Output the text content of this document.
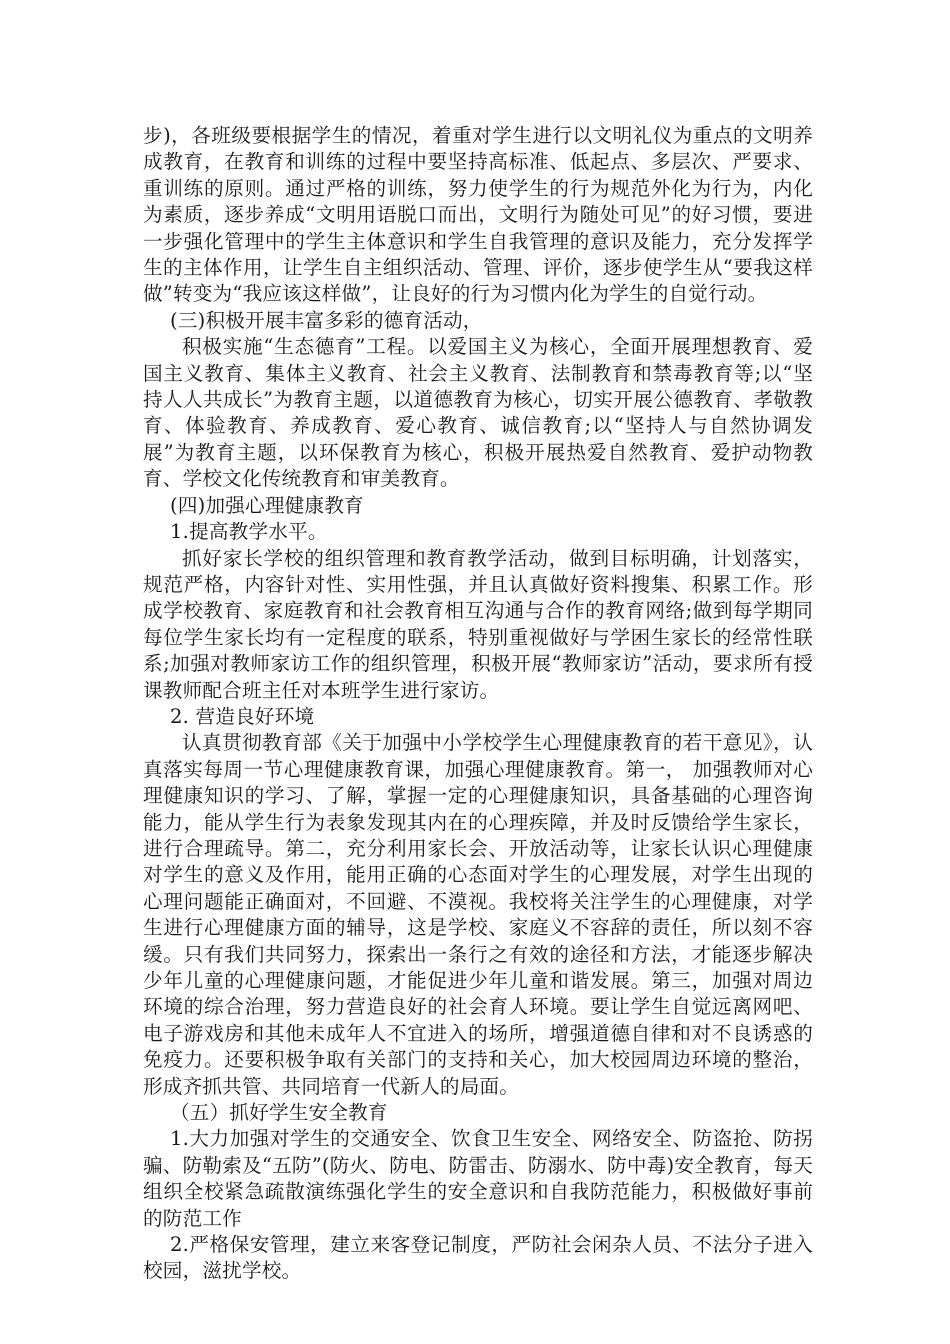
步)，各班级要根据学生的情况，着重对学生进行以文明礼仪为重点的文明养成教育，在教育和训练的过程中要坚持高标准、低起点、多层次、严要求、重训练的原则。通过严格的训练，努力使学生的行为规范外化为行为，内化为素质，逐步养成“文明用语脱口而出，文明行为随处可见”的好习惯，要进一步强化管理中的学生主体意识和学生自我管理的意识及能力，充分发挥学生的主体作用，让学生自主组织活动、管理、评价，逐步使学生从“要我这样做”转变为“我应该这样做”，让良好的行为习惯内化为学生的自觉行动。

(三)积极开展丰富多彩的德育活动，

积极实施“生态德育”工程。以爱国主义为核心，全面开展理想教育、爱国主义教育、集体主义教育、社会主义教育、法制教育和禁毒教育等;以“坚持人人共成长”为教育主题，以道德教育为核心，切实开展公德教育、孝敬教育、体验教育、养成教育、爱心教育、诚信教育;以“坚持人与自然协调发展”为教育主题，以环保教育为核心，积极开展热爱自然教育、爱护动物教育、学校文化传统教育和审美教育。

(四)加强心理健康教育

1.提高教学水平。

抓好家长学校的组织管理和教育教学活动，做到目标明确，计划落实，规范严格，内容针对性、实用性强，并且认真做好资料搜集、积累工作。形成学校教育、家庭教育和社会教育相互沟通与合作的教育网络;做到每学期同每位学生家长均有一定程度的联系，特别重视做好与学困生家长的经常性联系;加强对教师家访工作的组织管理，积极开展“教师家访”活动，要求所有授课教师配合班主任对本班学生进行家访。

2. 营造良好环境

认真贯彻教育部《关于加强中小学校学生心理健康教育的若干意见》，认真落实每周一节心理健康教育课，加强心理健康教育。第一， 加强教师对心理健康知识的学习、了解，掌握一定的心理健康知识，具备基础的心理咨询能力，能从学生行为表象发现其内在的心理疾障，并及时反馈给学生家长，进行合理疏导。第二，充分利用家长会、开放活动等，让家长认识心理健康对学生的意义及作用，能用正确的心态面对学生的心理发展，对学生出现的心理问题能正确面对，不回避、不漠视。我校将关注学生的心理健康，对学生进行心理健康方面的辅导，这是学校、家庭义不容辞的责任，所以刻不容缓。只有我们共同努力，探索出一条行之有效的途径和方法，才能逐步解决少年儿童的心理健康问题，才能促进少年儿童和谐发展。第三，加强对周边环境的综合治理，努力营造良好的社会育人环境。要让学生自觉远离网吧、电子游戏房和其他未成年人不宜进入的场所，增强道德自律和对不良诱惑的免疫力。还要积极争取有关部门的支持和关心，加大校园周边环境的整治，形成齐抓共管、共同培育一代新人的局面。

（五）抓好学生安全教育

1.大力加强对学生的交通安全、饮食卫生安全、网络安全、防盗抢、防拐骗、防勒索及“五防”(防火、防电、防雷击、防溺水、防中毒)安全教育，每天组织全校紧急疏散演练强化学生的安全意识和自我防范能力，积极做好事前的防范工作

2.严格保安管理，建立来客登记制度，严防社会闲杂人员、不法分子进入校园，滋扰学校。
